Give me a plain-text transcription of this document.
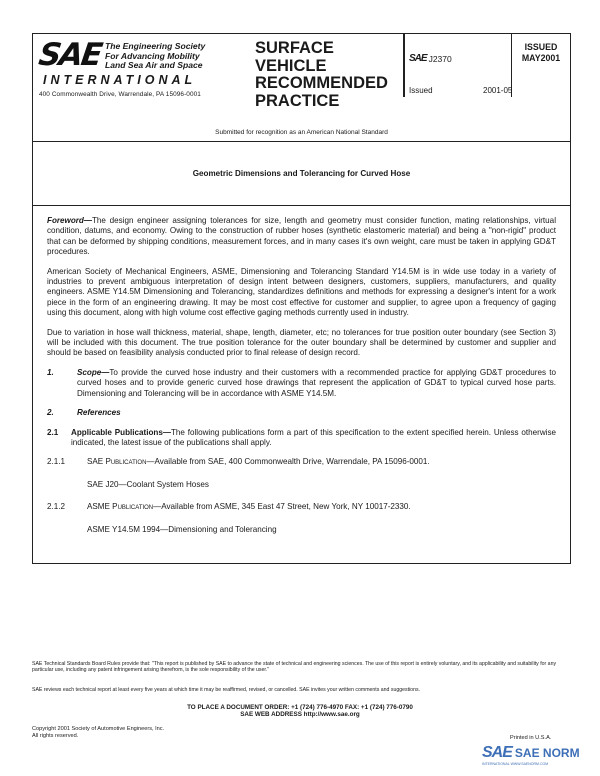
SAE The Engineering Society
For Advancing Mobility
Land Sea Air and Space
INTERNATIONAL
400 Commonwealth Drive, Warrendale, PA 15096-0001
SURFACE
VEHICLE
RECOMMENDED
PRACTICE
SAE J2370
ISSUED
MAY2001
Issued	2001-05
Submitted for recognition as an American National Standard
Geometric Dimensions and Tolerancing for Curved Hose

Foreword—The design engineer assigning tolerances for size, length and geometry must consider function, mating relationships, virtual condition, datums, and economy. Owing to the construction of rubber hoses (synthetic elastomeric material) and being a "non-rigid" product that can be deformed by shipping conditions, measurement forces, and in many cases it's own weight, care must be taken in applying GD&T procedures.

American Society of Mechanical Engineers, ASME, Dimensioning and Tolerancing Standard Y14.5M is in wide use today in a variety of industries to prevent ambiguous interpretation of design intent between designers, customers, suppliers, manufacturers, and quality engineers. ASME Y14.5M Dimensioning and Tolerancing, standardizes definitions and methods for expressing a designer's intent for a work piece in the form of an engineering drawing. It may be most cost effective for customer and supplier, to agree upon a frequency of gaging using this document, along with high volume cost effective gaging methods currently used in industry.

Due to variation in hose wall thickness, material, shape, length, diameter, etc; no tolerances for true position outer boundary (see Section 3) will be included with this document. The true position tolerance for the outer boundary shall be determined by customer and supplier and should be based on feasibility analysis conducted prior to final release of design record.

1.	Scope—To provide the curved hose industry and their customers with a recommended practice for applying GD&T procedures to curved hoses and to provide generic curved hose drawings that represent the application of GD&T to typical curved hose parts. Dimensioning and Tolerancing will be in accordance with ASME Y14.5M.
2.	References
2.1	Applicable Publications—The following publications form a part of this specification to the extent specified herein. Unless otherwise indicated, the latest issue of the publications shall apply.
2.1.1	SAE Publication—Available from SAE, 400 Commonwealth Drive, Warrendale, PA 15096-0001.
SAE J20—Coolant System Hoses
2.1.2	ASME Publication—Available from ASME, 345 East 47 Street, New York, NY 10017-2330.
ASME Y14.5M 1994—Dimensioning and Tolerancing
SAE Technical Standards Board Rules provide that: "This report is published by SAE to advance the state of technical and engineering sciences. The use of this report is entirely voluntary, and its applicability and suitability for any particular use, including any patent infringement arising therefrom, is the sole responsibility of the user."
SAE reviews each technical report at least every five years at which time it may be reaffirmed, revised, or cancelled. SAE invites your written comments and suggestions.
TO PLACE A DOCUMENT ORDER: +1 (724) 776-4970 FAX: +1 (724) 776-0790
SAE WEB ADDRESS http://www.sae.org
Copyright 2001 Society of Automotive Engineers, Inc.
All rights reserved.	Printed in U.S.A.
SAE SAE NORM
INTERNATIONAL WWW.SAENORM.COM
